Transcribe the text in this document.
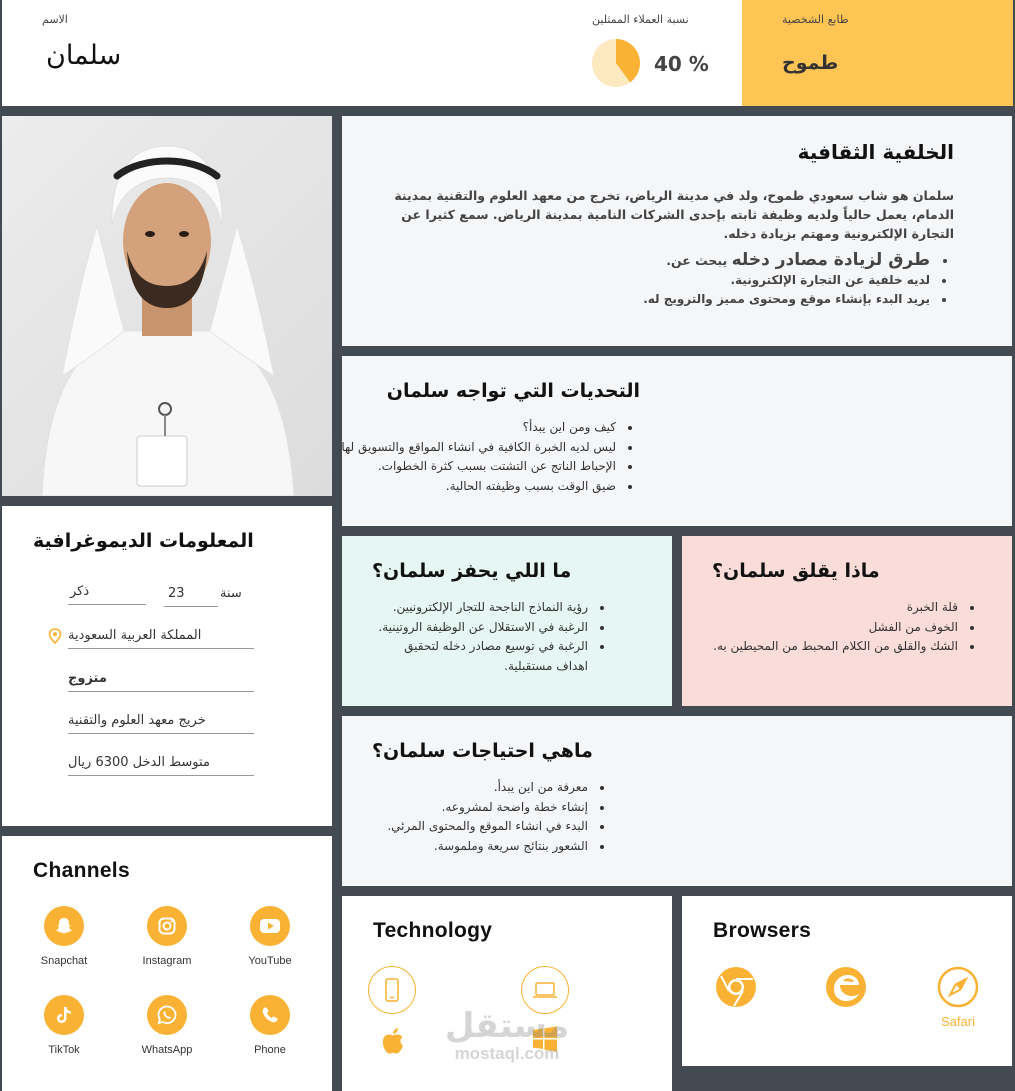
الاسم
سلمان
نسبة العملاء الممثلين
40 %
طابع الشخصية
طموح
الخلفية الثقافية
سلمان هو شاب سعودي طموح، ولد في مدينة الرياض، تخرج من معهد العلوم والتقنية بمدينة الدمام، يعمل حالياً ولديه وظيفة ثابته بإحدى الشركات النامية بمدينة الرياض. سمع كثيرا عن التجارة الإلكترونية ومهتم بزيادة دخله.
• طرق لزيادة مصادر دخله يبحث عن.
• لديه خلفية عن التجارة الإلكترونية.
• يريد البدء بإنشاء موقع ومحتوى مميز والترويج له.
التحديات التي تواجه سلمان
• كيف ومن اين يبدأ؟
• ليس لديه الخبرة الكافية في انشاء المواقع والتسويق لها.
• الإحباط الناتج عن التشتت بسبب كثرة الخطوات.
• ضيق الوقت بسبب وظيفته الحالية.
المعلومات الديموغرافية
سنة
23
ذكر
المملكة العربية السعودية
متزوج
خريج معهد العلوم والتقنية
متوسط الدخل 6300 ريال
ما اللي يحفز سلمان؟
• رؤية النماذج الناجحة للتجار الإلكترونيين.
• الرغبة في الاستقلال عن الوظيفة الروتينية.
• الرغبة في توسيع مصادر دخله لتحقيق اهداف مستقبلية.
ماذا يقلق سلمان؟
• قلة الخبرة
• الخوف من الفشل
• الشك والقلق من الكلام المحبط من المحيطين به.
ماهي احتياجات سلمان؟
• معرفة من اين يبدأ.
• إنشاء خطة واضحة لمشروعه.
• البدء في انشاء الموقع والمحتوى المرئي.
• الشعور بنتائج سريعة وملموسة.
Channels
Snapchat	Instagram	YouTube
TikTok	WhatsApp	Phone
Technology
مستقل
mostaql.com
Browsers
Safari
